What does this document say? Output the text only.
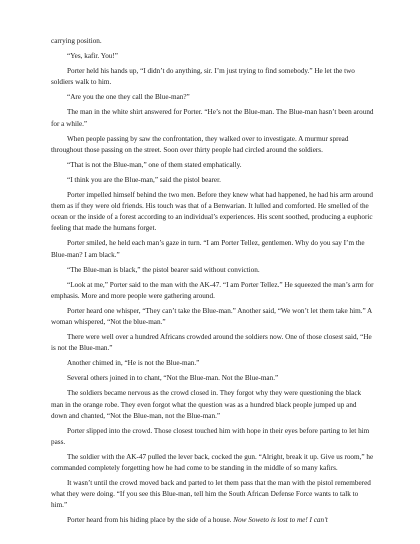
carrying position.

“Yes, kafir. You!”

Porter held his hands up, “I didn’t do anything, sir. I’m just trying to find somebody.” He let the two soldiers walk to him.

“Are you the one they call the Blue-man?”

The man in the white shirt answered for Porter. “He’s not the Blue-man. The Blue-man hasn’t been around for a while.”

When people passing by saw the confrontation, they walked over to investigate. A murmur spread throughout those passing on the street. Soon over thirty people had circled around the soldiers.

“That is not the Blue-man,” one of them stated emphatically.

“I think you are the Blue-man,” said the pistol bearer.

Porter impelled himself behind the two men. Before they knew what had happened, he had his arm around them as if they were old friends. His touch was that of a Benwarian. It lulled and comforted. He smelled of the ocean or the inside of a forest according to an individual’s experiences. His scent soothed, producing a euphoric feeling that made the humans forget.

Porter smiled, he held each man’s gaze in turn. “I am Porter Tellez, gentlemen. Why do you say I’m the Blue-man? I am black.”

“The Blue-man is black,” the pistol bearer said without conviction.

“Look at me,” Porter said to the man with the AK-47. “I am Porter Tellez.” He squeezed the man’s arm for emphasis. More and more people were gathering around.

Porter heard one whisper, “They can’t take the Blue-man.” Another said, “We won’t let them take him.” A woman whispered, “Not the blue-man.”

There were well over a hundred Africans crowded around the soldiers now. One of those closest said, “He is not the Blue-man.”

Another chimed in, “He is not the Blue-man.”

Several others joined in to chant, “Not the Blue-man. Not the Blue-man.”

The soldiers became nervous as the crowd closed in. They forgot why they were questioning the black man in the orange robe. They even forgot what the question was as a hundred black people jumped up and down and chanted, “Not the Blue-man, not the Blue-man.”

Porter slipped into the crowd. Those closest touched him with hope in their eyes before parting to let him pass.

The soldier with the AK-47 pulled the lever back, cocked the gun. “Alright, break it up. Give us room,” he commanded completely forgetting how he had come to be standing in the middle of so many kafirs.

It wasn’t until the crowd moved back and parted to let them pass that the man with the pistol remembered what they were doing. “If you see this Blue-man, tell him the South African Defense Force wants to talk to him.”

Porter heard from his hiding place by the side of a house. Now Soweto is lost to me! I can’t
